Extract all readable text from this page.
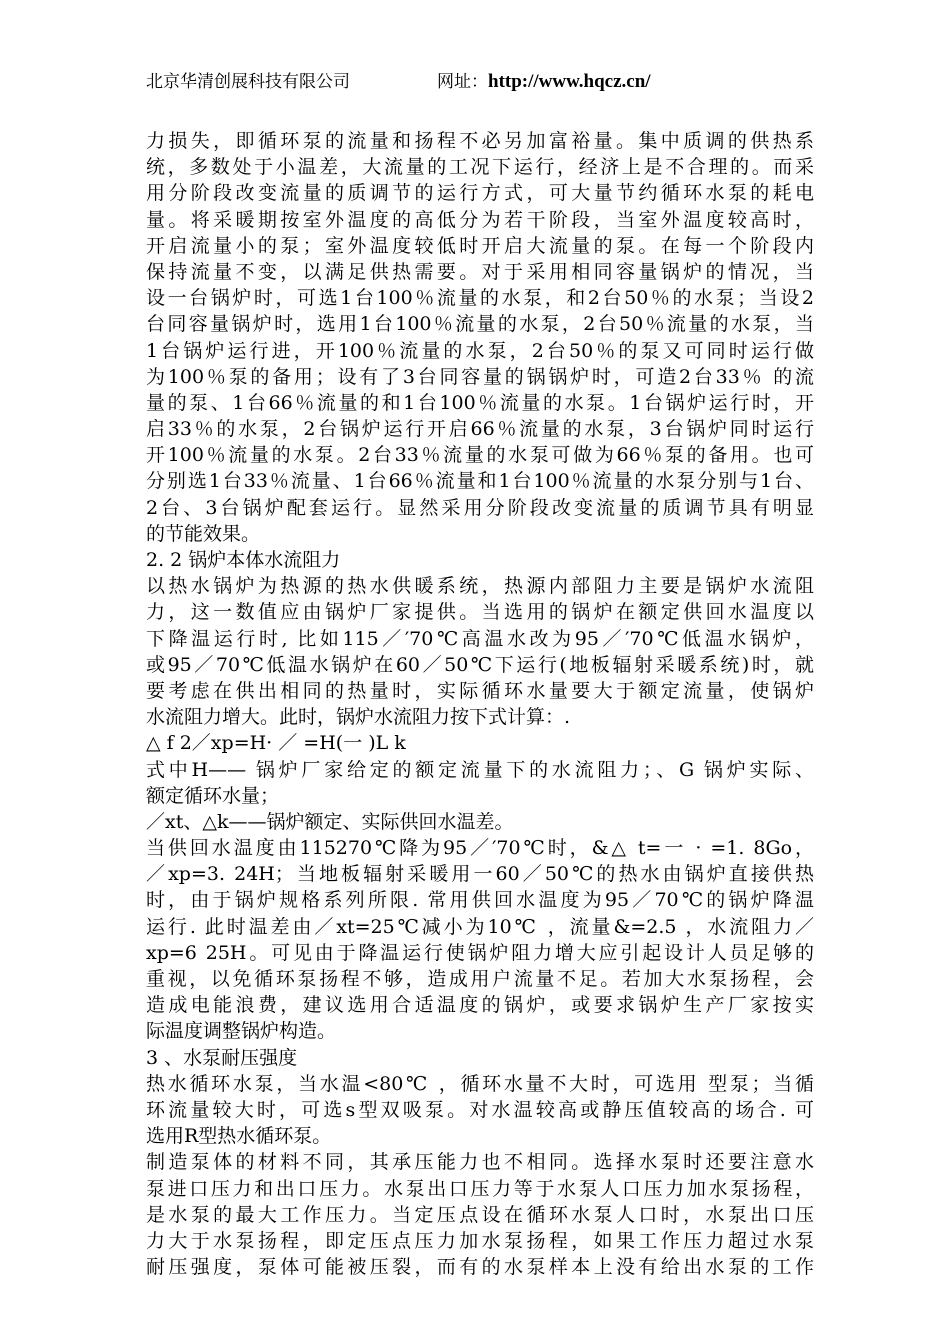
北京华清创展科技有限公司	网址：http://www.hqcz.cn/
力损失，即循环泵的流量和扬程不必另加富裕量。集中质调的供热系
统，多数处于小温差，大流量的工况下运行，经济上是不合理的。而采
用分阶段改变流量的质调节的运行方式，可大量节约循环水泵的耗电
量。将采暖期按室外温度的高低分为若干阶段，当室外温度较高时，
开启流量小的泵；室外温度较低时开启大流量的泵。在每一个阶段内
保持流量不变，以满足供热需要。对于采用相同容量锅炉的情况，当
设一台锅炉时，可选1台100％流量的水泵，和2台50％的水泵；当设2
台同容量锅炉时，选用1台100％流量的水泵，2台50％流量的水泵，当
1台锅炉运行进，开100％流量的水泵，2台50％的泵又可同时运行做
为100％泵的备用；设有了3台同容量的锅锅炉时，可造2台33％ 的流
量的泵、1台66％流量的和1台100％流量的水泵。1台锅炉运行时，开
启33％的水泵，2台锅炉运行开启66％流量的水泵，3台锅炉同时运行
开100％流量的水泵。2台33％流量的水泵可做为66％泵的备用。也可
分别选1台33％流量、1台66％流量和1台100％流量的水泵分别与1台、
2台、3台锅炉配套运行。显然采用分阶段改变流量的质调节具有明显
的节能效果。
2. 2 锅炉本体水流阻力
以热水锅炉为热源的热水供暖系统，热源内部阻力主要是锅炉水流阻
力，这一数值应由锅炉厂家提供。当选用的锅炉在额定供回水温度以
下降温运行时, 比如115／′70℃高温水改为95／′70℃低温水锅炉，
或95／70℃低温水锅炉在60／50℃下运行(地板辐射采暖系统)时，就
要考虑在供出相同的热量时，实际循环水量要大于额定流量，使锅炉
水流阻力增大。此时，锅炉水流阻力按下式计算：.
△ f 2／xp=H· ／ =H(一 )L k
式中H—— 锅炉厂家给定的额定流量下的水流阻力；、G 锅炉实际、
额定循环水量；
／xt、△k——锅炉额定、实际供回水温差。
当供回水温度由115270℃降为95／′70℃时，&△ t=一 · =1. 8Go，
／xp=3. 24H；当地板辐射采暖用一60／50℃的热水由锅炉直接供热
时，由于锅炉规格系列所限. 常用供回水温度为95／70℃的锅炉降温
运行. 此时温差由／xt=25℃减小为10℃ ，流量&=2.5 ，水流阻力／
xp=6 25H。可见由于降温运行使锅炉阻力增大应引起设计人员足够的
重视，以免循环泵扬程不够，造成用户流量不足。若加大水泵扬程，会
造成电能浪费，建议选用合适温度的锅炉，或要求锅炉生产厂家按实
际温度调整锅炉构造。
3 、水泵耐压强度
热水循环水泵，当水温<80℃ ，循环水量不大时，可选用 型泵；当循
环流量较大时，可选s型双吸泵。对水温较高或静压值较高的场合. 可
选用R型热水循环泵。
制造泵体的材料不同，其承压能力也不相同。选择水泵时还要注意水
泵进口压力和出口压力。水泵出口压力等于水泵人口压力加水泵扬程，
是水泵的最大工作压力。当定压点设在循环水泵人口时，水泵出口压
力大于水泵扬程，即定压点压力加水泵扬程，如果工作压力超过水泵
耐压强度，泵体可能被压裂，而有的水泵样本上没有给出水泵的工作
